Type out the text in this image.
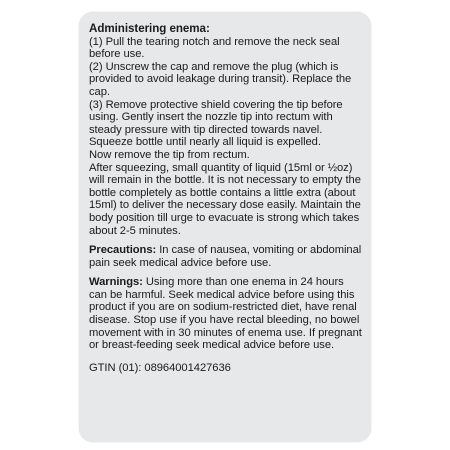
Administering enema:

(1) Pull the tearing notch and remove the neck seal before use.

(2) Unscrew the cap and remove the plug (which is provided to avoid leakage during transit). Replace the cap.

(3) Remove protective shield covering the tip before using. Gently insert the nozzle tip into rectum with steady pressure with tip directed towards navel. Squeeze bottle until nearly all liquid is expelled.

Now remove the tip from rectum.

After squeezing, small quantity of liquid (15ml or ½oz) will remain in the bottle. It is not necessary to empty the bottle completely as bottle contains a little extra (about 15ml) to deliver the necessary dose easily. Maintain the body position till urge to evacuate is strong which takes about 2-5 minutes.

Precautions: In case of nausea, vomiting or abdominal pain seek medical advice before use.

Warnings: Using more than one enema in 24 hours can be harmful. Seek medical advice before using this product if you are on sodium-restricted diet, have renal disease. Stop use if you have rectal bleeding, no bowel movement with in 30 minutes of enema use. If pregnant or breast-feeding seek medical advice before use.

GTIN (01): 08964001427636
